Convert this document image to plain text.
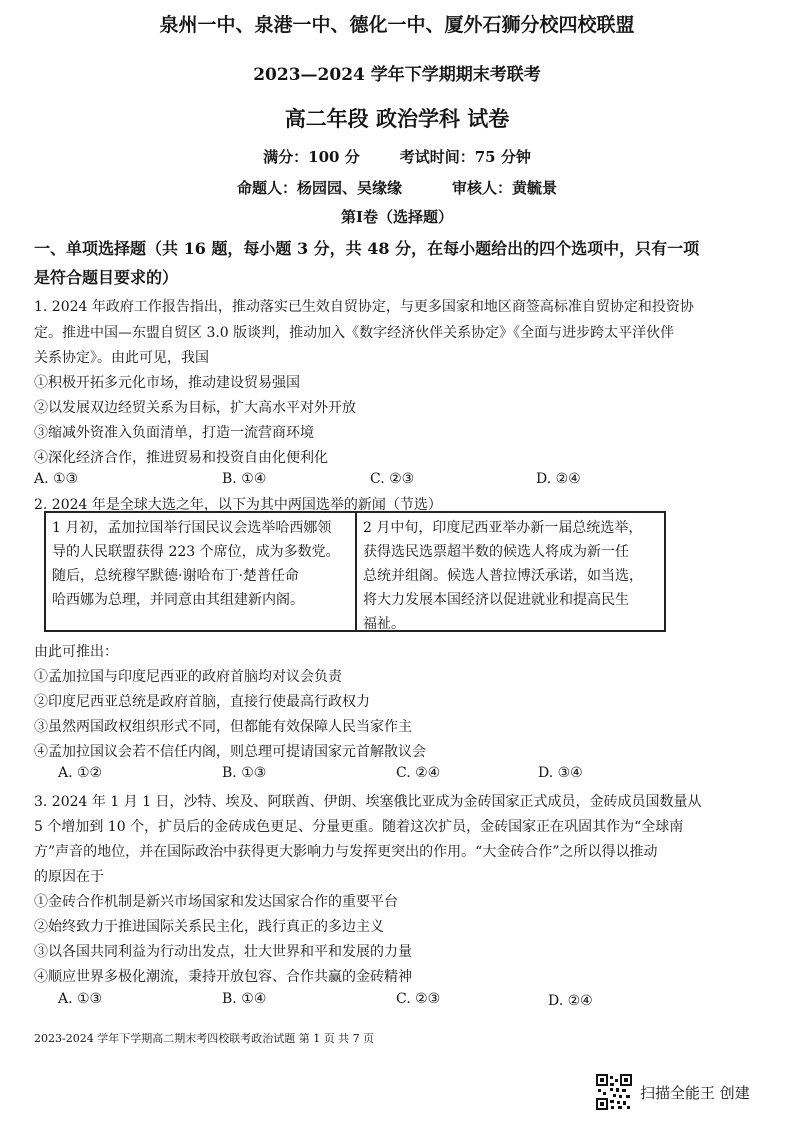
泉州一中、泉港一中、德化一中、厦外石狮分校四校联盟
2023—2024 学年下学期期末考联考
高二年段 政治学科 试卷
满分：100 分	考试时间：75 分钟
命题人：杨园园、吴缘缘	审核人：黄毓景
第Ⅰ卷（选择题）
一、单项选择题（共 16 题，每小题 3 分，共 48 分，在每小题给出的四个选项中，只有一项
是符合题目要求的）
1. 2024 年政府工作报告指出，推动落实已生效自贸协定，与更多国家和地区商签高标准自贸协定和投资协
定。推进中国—东盟自贸区 3.0 版谈判，推动加入《数字经济伙伴关系协定》《全面与进步跨太平洋伙伴
关系协定》。由此可见，我国
①积极开拓多元化市场，推动建设贸易强国
②以发展双边经贸关系为目标，扩大高水平对外开放
③缩减外资准入负面清单，打造一流营商环境
④深化经济合作，推进贸易和投资自由化便利化
A. ①③	B. ①④	C. ②③	D. ②④
2. 2024 年是全球大选之年，以下为其中两国选举的新闻（节选）
1 月初，孟加拉国举行国民议会选举哈西娜领
导的人民联盟获得 223 个席位，成为多数党。
随后，总统穆罕默德·谢哈布丁·楚普任命
哈西娜为总理，并同意由其组建新内阁。
2 月中旬，印度尼西亚举办新一届总统选举，
获得选民选票超半数的候选人将成为新一任
总统并组阁。候选人普拉博沃承诺，如当选，
将大力发展本国经济以促进就业和提高民生
福祉。
由此可推出：
①孟加拉国与印度尼西亚的政府首脑均对议会负责
②印度尼西亚总统是政府首脑，直接行使最高行政权力
③虽然两国政权组织形式不同，但都能有效保障人民当家作主
④孟加拉国议会若不信任内阁，则总理可提请国家元首解散议会
A. ①②	B. ①③	C. ②④	D. ③④
3. 2024 年 1 月 1 日，沙特、埃及、阿联酋、伊朗、埃塞俄比亚成为金砖国家正式成员，金砖成员国数量从
5 个增加到 10 个，扩员后的金砖成色更足、分量更重。随着这次扩员，金砖国家正在巩固其作为“全球南
方”声音的地位，并在国际政治中获得更大影响力与发挥更突出的作用。“大金砖合作”之所以得以推动
的原因在于
①金砖合作机制是新兴市场国家和发达国家合作的重要平台
②始终致力于推进国际关系民主化，践行真正的多边主义
③以各国共同利益为行动出发点，壮大世界和平和发展的力量
④顺应世界多极化潮流，秉持开放包容、合作共赢的金砖精神
A. ①③	B. ①④	C. ②③	D. ②④
2023-2024 学年下学期高二期末考四校联考政治试题 第 1 页 共 7 页
扫描全能王 创建
